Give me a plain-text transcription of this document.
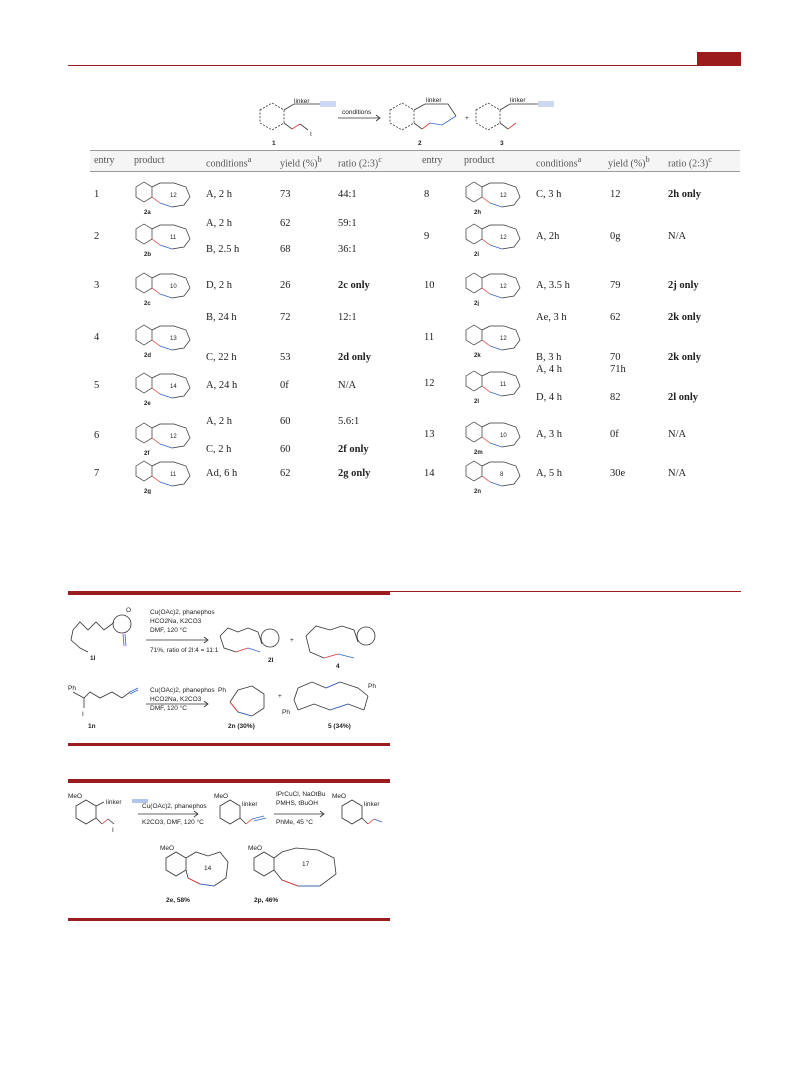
linker	linker	linker
I
conditions
+
1	2	3
entry product	conditions$^a$	yield (%)$^b$ ratio (2:3)$^c$	entry product	conditions$^a$	yield (%)$^b$ ratio (2:3)$^c$
1	12
2a
A, 2 h	73	44:1
2	11
2b
A, 2 h	62	59:1
B, 2.5 h	68	36:1
3	10
2c
D, 2 h	26	2c only
4	13
2d
B, 24 h	72	12:1
C, 22 h	53	2d only
5	14
2e
A, 24 h	0f	N/A
6	12
2f
A, 2 h	60	5.6:1
C, 2 h	60	2f only
7	11
2g
Ad, 6 h	62	2g only
8	12
2h
C, 3 h	12	2h only
9	12
2i
A, 2h	0g	N/A
10	12
2j
A, 3.5 h	79	2j only
11	12
2k
Ae, 3 h	62	2k only
B, 3 h	70	2k only
12	11
2l
A, 4 h	71h
D, 4 h	82	2l only
13	10
2m
A, 3 h	0f	N/A
14	8
2n
A, 5 h	30e	N/A
O	Cu(OAc)2, phanephos
HCO2Na, K2CO3
DMF, 120 °C
71%, ratio of 2l:4 = 11:1
1l	2l
+
4
Ph
I
Cu(OAc)2, phanephos
HCO2Na, K2CO3
DMF, 120 °C
1n
Ph
2n (30%)
+
Ph
Ph
5 (34%)
MeO
linker
I
Cu(OAc)2, phanephos
K2CO3, DMF, 120 °C
MeO
linker
IPrCuCl, NaOtBu
PMHS, tBuOH
PhMe, 45 °C
MeO
linker
MeO
14
2e, 58%
MeO
17
2p, 46%
